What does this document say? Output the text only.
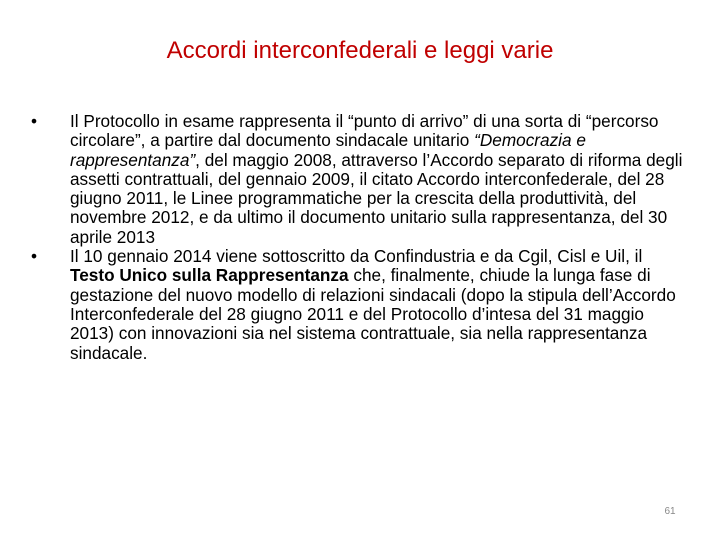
Accordi interconfederali e leggi varie
•	Il Protocollo in esame rappresenta il “punto di arrivo” di una sorta di “percorso circolare”, a partire dal documento sindacale unitario “Democrazia e rappresentanza”, del maggio 2008, attraverso l’Accordo separato di riforma degli assetti contrattuali, del gennaio 2009, il citato Accordo interconfederale, del 28 giugno 2011, le Linee programmatiche per la crescita della produttività, del novembre 2012, e da ultimo il documento unitario sulla rappresentanza, del 30 aprile 2013
•	Il 10 gennaio 2014 viene sottoscritto da Confindustria e da Cgil, Cisl e Uil, il Testo Unico sulla Rappresentanza che, finalmente, chiude la lunga fase di gestazione del nuovo modello di relazioni sindacali (dopo la stipula dell’Accordo Interconfederale del 28 giugno 2011 e del Protocollo d’intesa del 31 maggio 2013) con innovazioni sia nel sistema contrattuale, sia nella rappresentanza sindacale.
61
